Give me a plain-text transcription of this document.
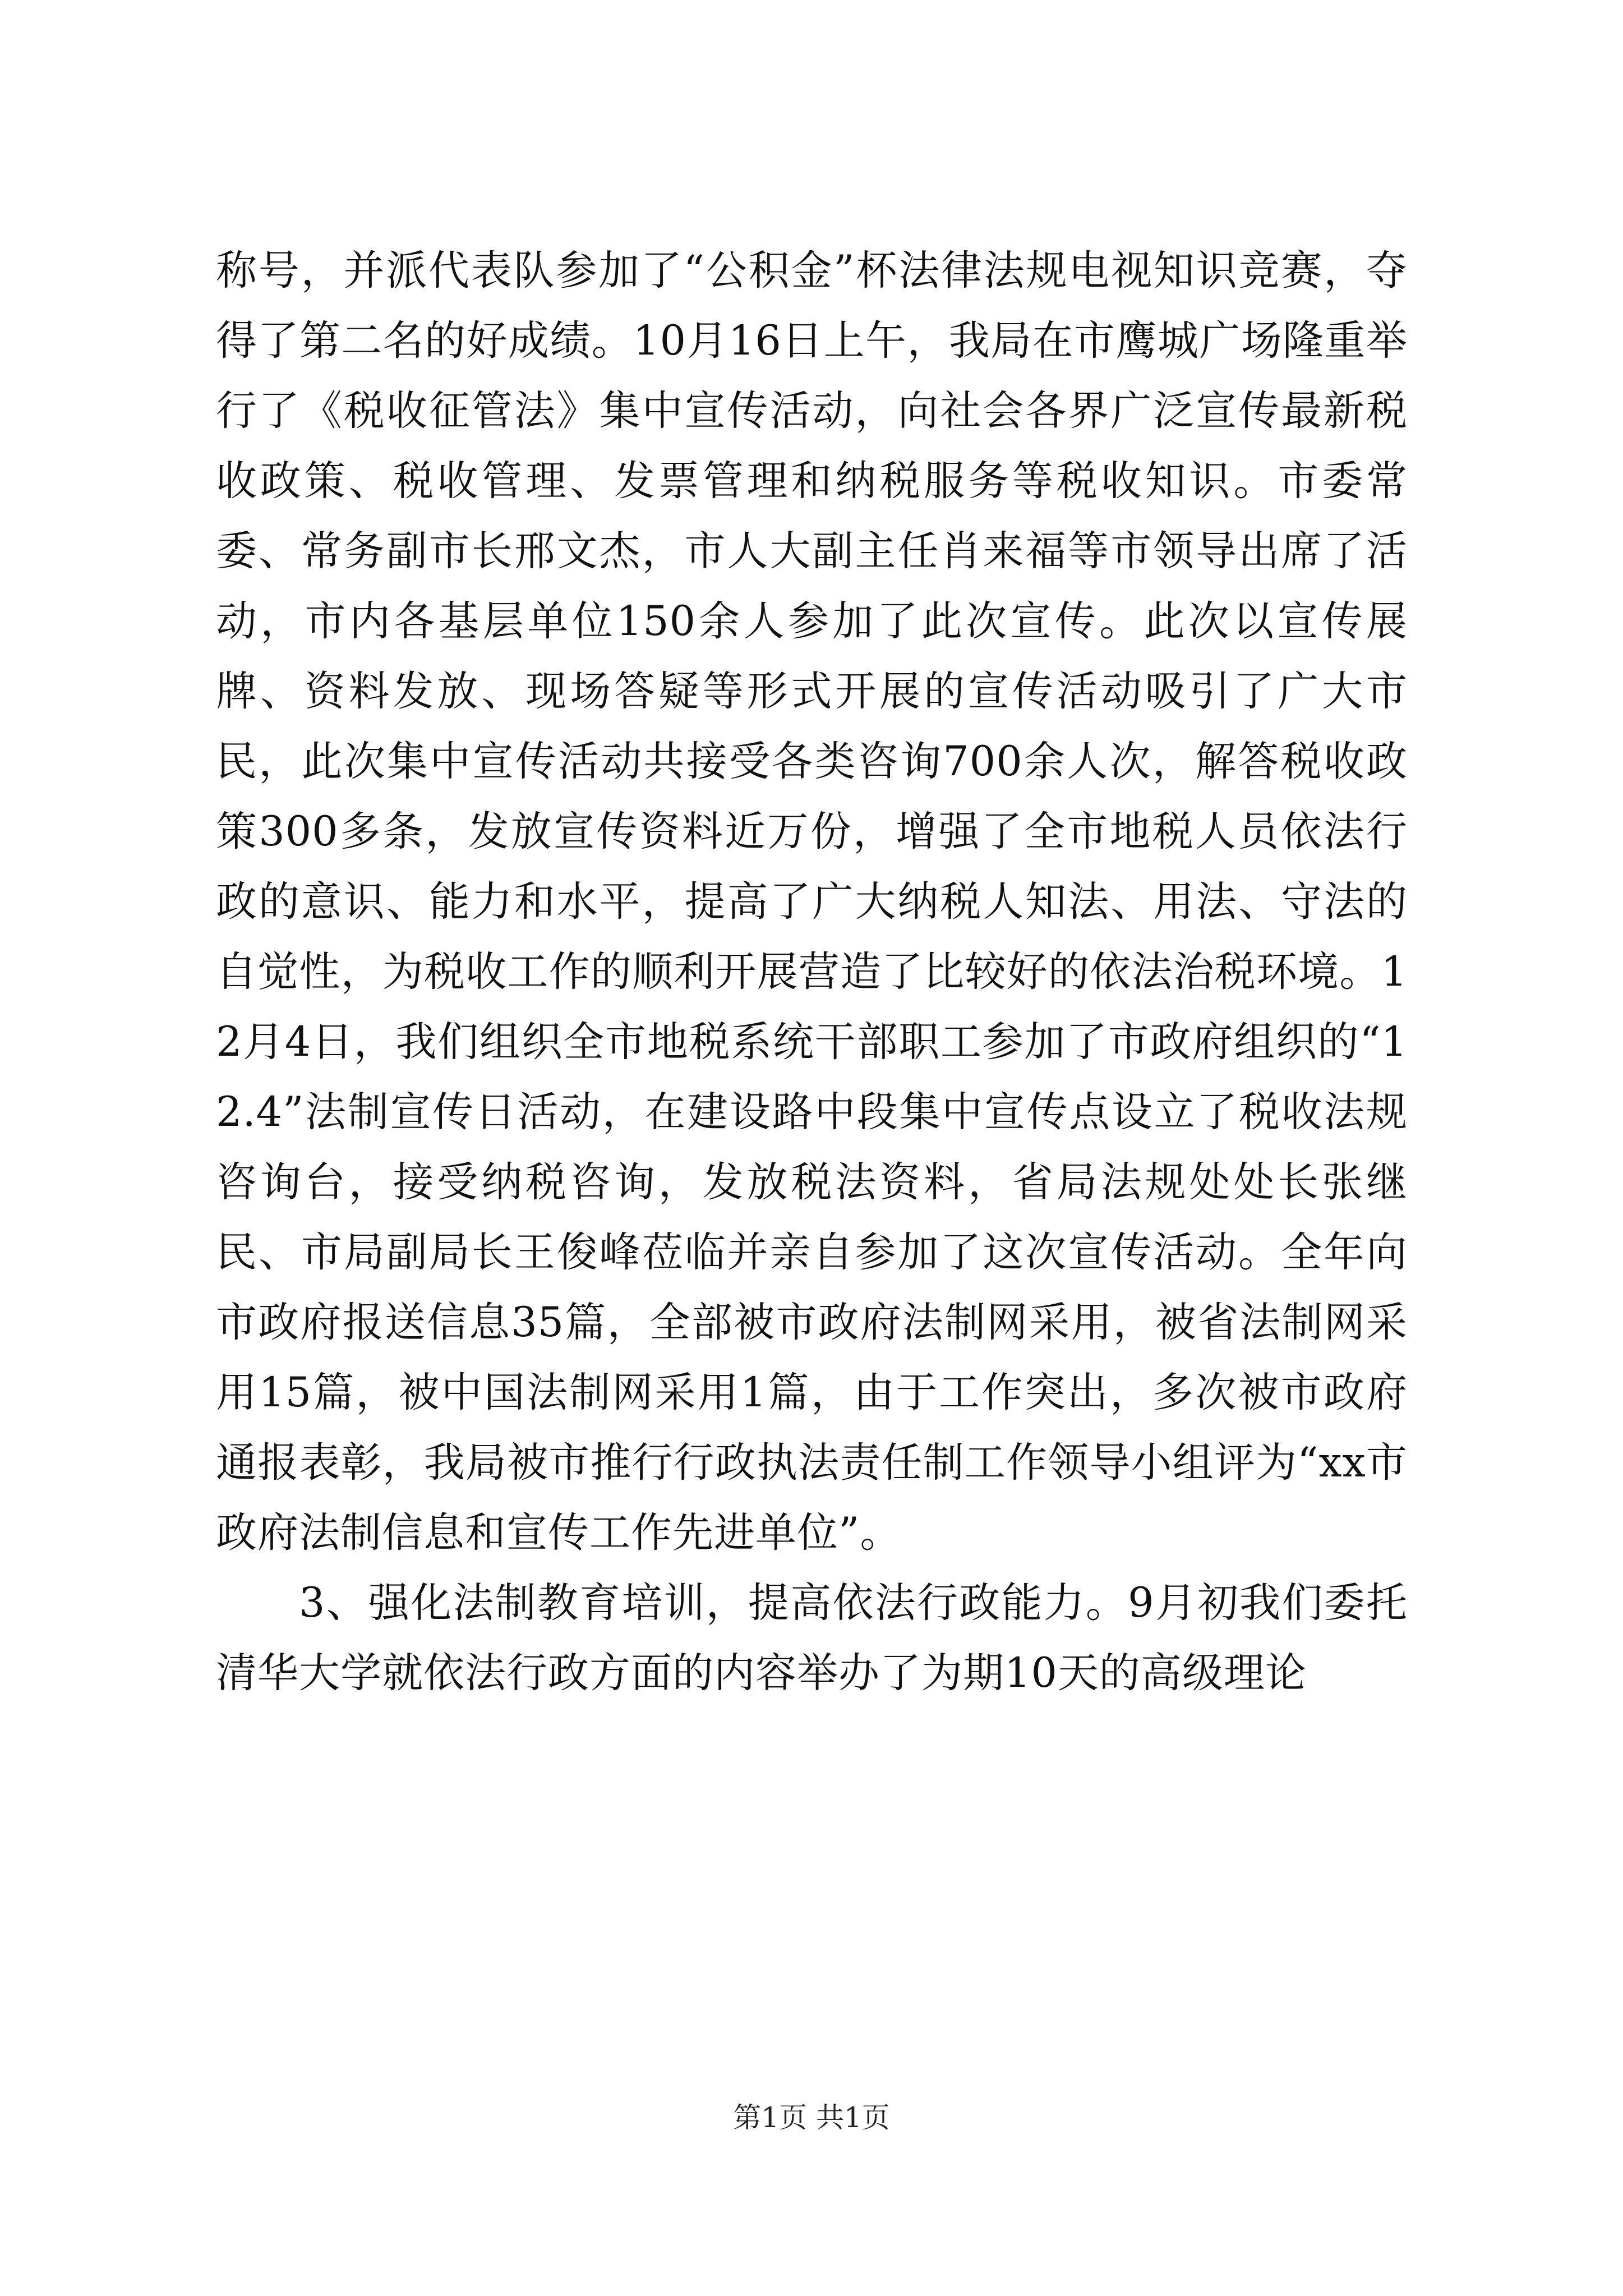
称号，并派代表队参加了“公积金”杯法律法规电视知识竞赛，夺得了第二名的好成绩。10月16日上午，我局在市鹰城广场隆重举行了《税收征管法》集中宣传活动，向社会各界广泛宣传最新税收政策、税收管理、发票管理和纳税服务等税收知识。市委常委、常务副市长邢文杰，市人大副主任肖来福等市领导出席了活动，市内各基层单位150余人参加了此次宣传。此次以宣传展牌、资料发放、现场答疑等形式开展的宣传活动吸引了广大市民，此次集中宣传活动共接受各类咨询700余人次，解答税收政策300多条，发放宣传资料近万份，增强了全市地税人员依法行政的意识、能力和水平，提高了广大纳税人知法、用法、守法的自觉性，为税收工作的顺利开展营造了比较好的依法治税环境。12月4日，我们组织全市地税系统干部职工参加了市政府组织的“12.4”法制宣传日活动，在建设路中段集中宣传点设立了税收法规咨询台，接受纳税咨询，发放税法资料，省局法规处处长张继民、市局副局长王俊峰莅临并亲自参加了这次宣传活动。全年向市政府报送信息35篇，全部被市政府法制网采用，被省法制网采用15篇，被中国法制网采用1篇，由于工作突出，多次被市政府通报表彰，我局被市推行行政执法责任制工作领导小组评为“xx市政府法制信息和宣传工作先进单位”。

3、强化法制教育培训，提高依法行政能力。9月初我们委托清华大学就依法行政方面的内容举办了为期10天的高级理论

第1页 共1页
